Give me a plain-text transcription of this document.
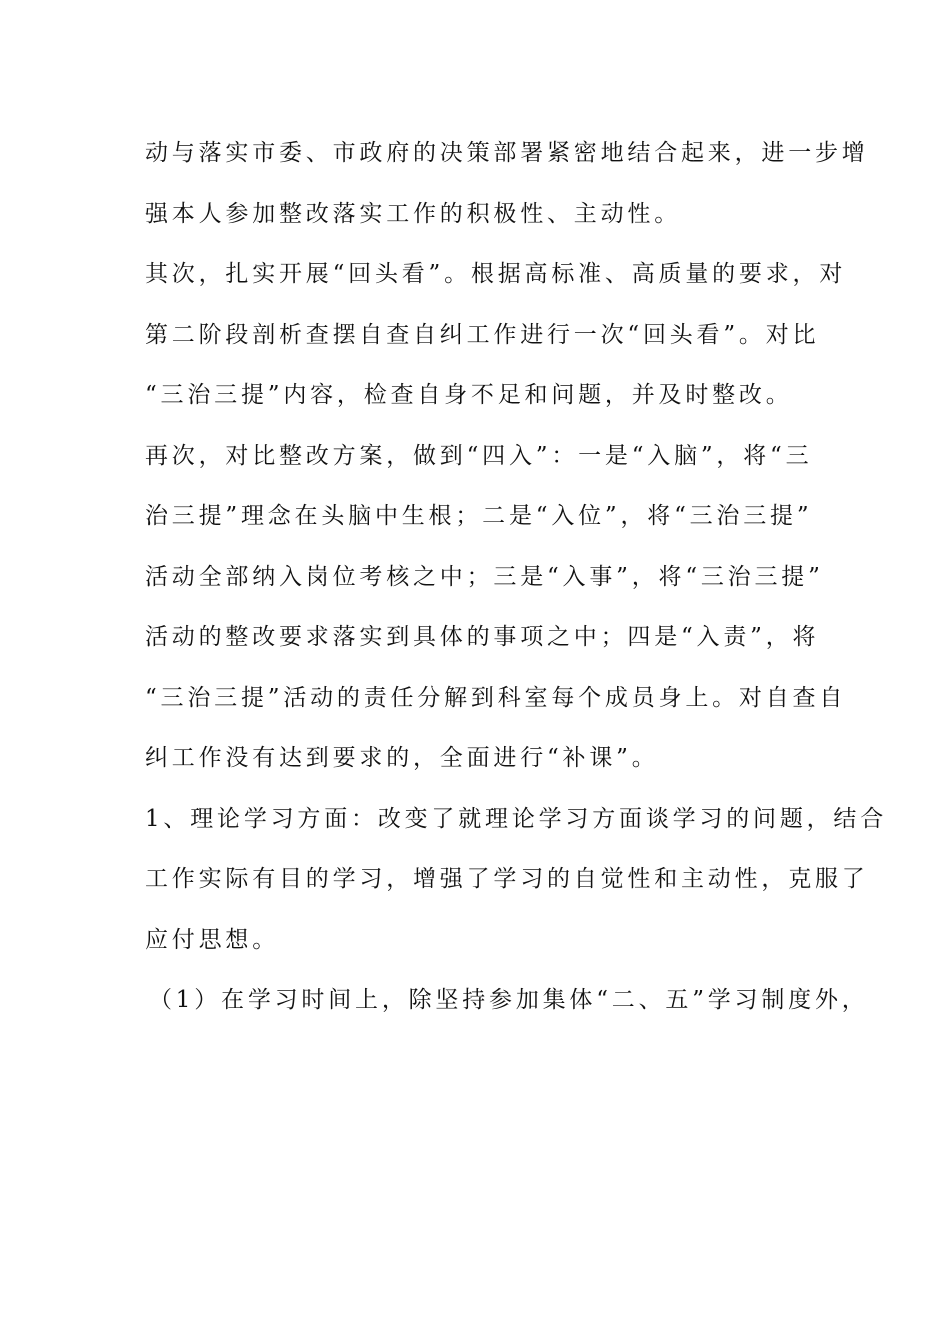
动与落实市委、市政府的决策部署紧密地结合起来，进一步增
强本人参加整改落实工作的积极性、主动性。
其次，扎实开展“回头看”。根据高标准、高质量的要求，对
第二阶段剖析查摆自查自纠工作进行一次“回头看”。对比
“三治三提”内容，检查自身不足和问题，并及时整改。
再次，对比整改方案，做到“四入”：一是“入脑”，将“三
治三提”理念在头脑中生根；二是“入位”，将“三治三提”
活动全部纳入岗位考核之中；三是“入事”，将“三治三提”
活动的整改要求落实到具体的事项之中；四是“入责”，将
“三治三提”活动的责任分解到科室每个成员身上。对自查自
纠工作没有达到要求的，全面进行“补课”。
1、理论学习方面：改变了就理论学习方面谈学习的问题，结合
工作实际有目的学习，增强了学习的自觉性和主动性，克服了
应付思想。
（1）在学习时间上，除坚持参加集体“二、五”学习制度外，
